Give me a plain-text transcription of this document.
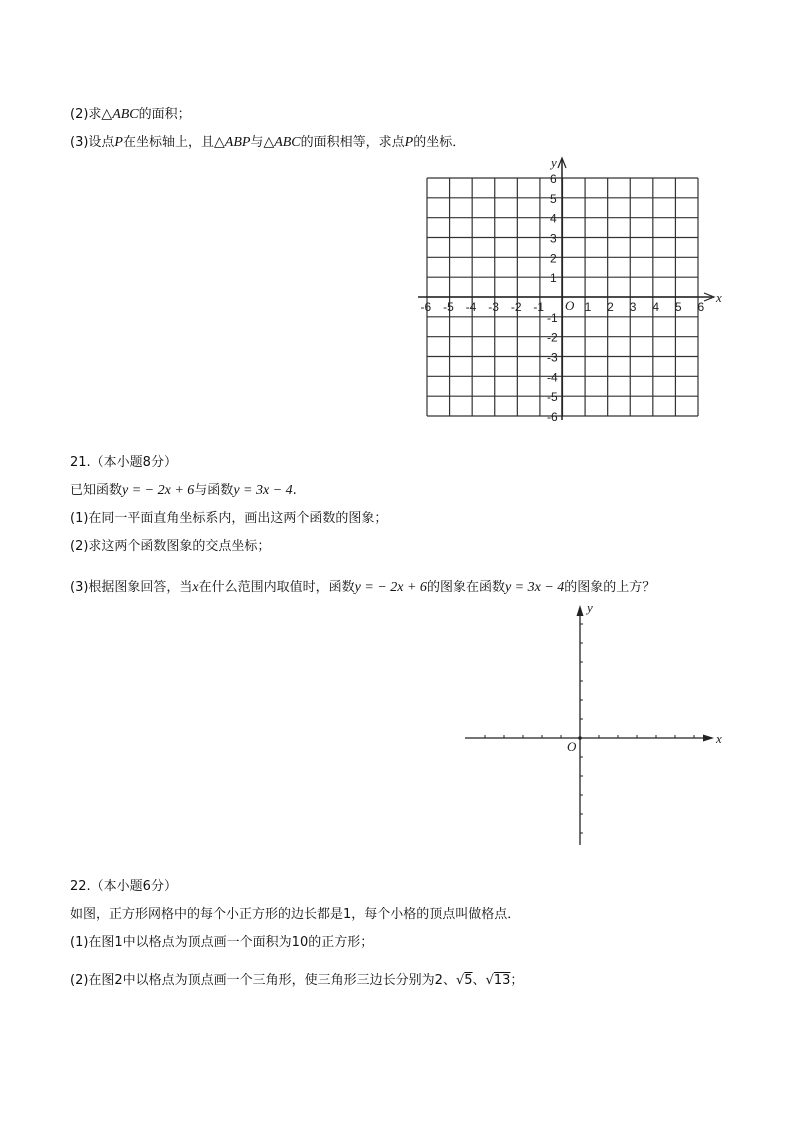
(2)求△ABC的面积；
(3)设点P在坐标轴上，且△ABP与△ABC的面积相等，求点P的坐标．
x
y
O
-6 -5 -4 -3 -2 -1	1 2 3 4 5 6
6
5
4
3
2
1
-1
-2
-3
-4
-5
-6
x
y
O
21.（本小题8分）
已知函数y = − 2x + 6与函数y = 3x − 4.
(1)在同一平面直角坐标系内，画出这两个函数的图象；
(2)求这两个函数图象的交点坐标；
(3)根据图象回答，当x在什么范围内取值时，函数y = − 2x + 6的图象在函数y = 3x − 4的图象的上方？
22.（本小题6分）
如图，正方形网格中的每个小正方形的边长都是1，每个小格的顶点叫做格点．
(1)在图1中以格点为顶点画一个面积为10的正方形；
(2)在图2中以格点为顶点画一个三角形，使三角形三边长分别为2、√5、√13；
